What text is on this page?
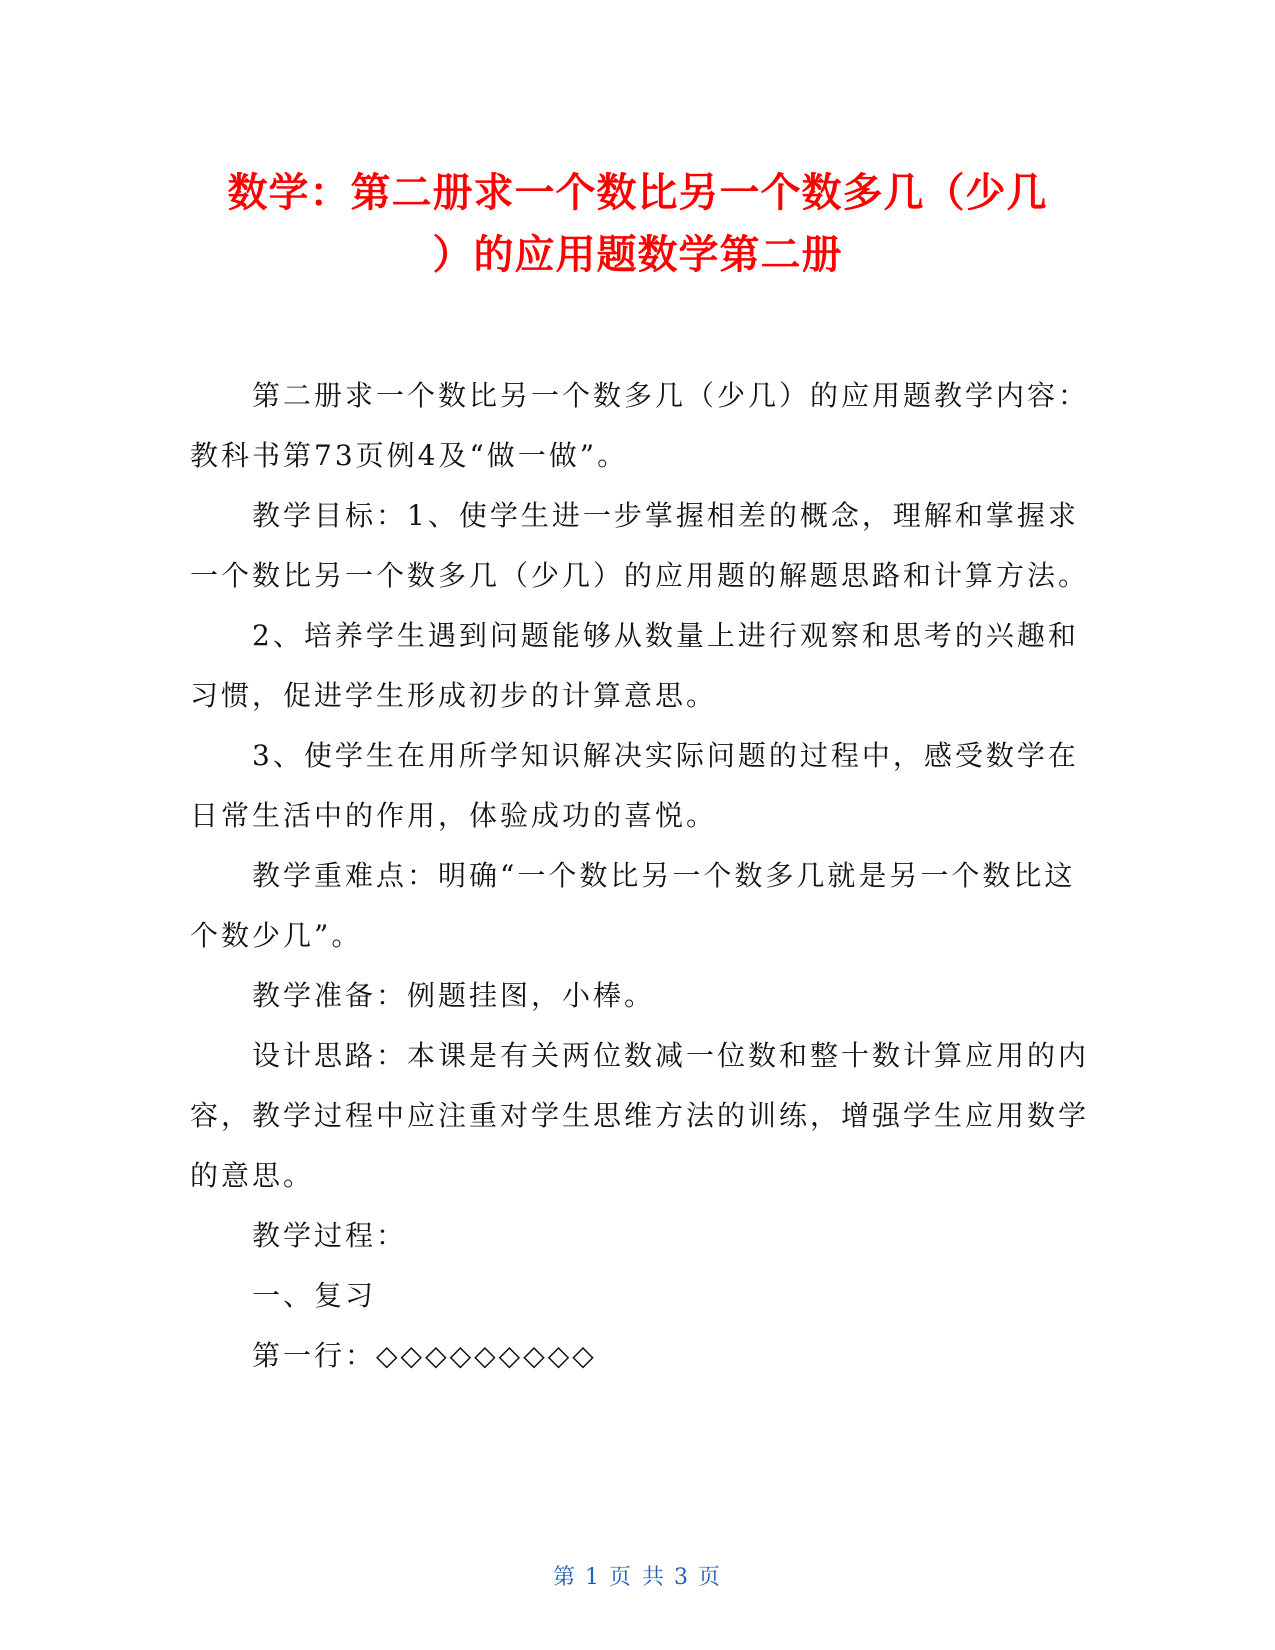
数学：第二册求一个数比另一个数多几（少几
）的应用题数学第二册

第二册求一个数比另一个数多几（少几）的应用题教学内容：教科书第73页例4及“做一做”。

教学目标：1、使学生进一步掌握相差的概念，理解和掌握求一个数比另一个数多几（少几）的应用题的解题思路和计算方法。

2、培养学生遇到问题能够从数量上进行观察和思考的兴趣和习惯，促进学生形成初步的计算意思。

3、使学生在用所学知识解决实际问题的过程中，感受数学在日常生活中的作用，体验成功的喜悦。

教学重难点：明确“一个数比另一个数多几就是另一个数比这个数少几”。

教学准备：例题挂图，小棒。

设计思路：本课是有关两位数减一位数和整十数计算应用的内容，教学过程中应注重对学生思维方法的训练，增强学生应用数学的意思。

教学过程：

一、复习

第一行：◇◇◇◇◇◇◇◇◇

第 1 页 共 3 页
